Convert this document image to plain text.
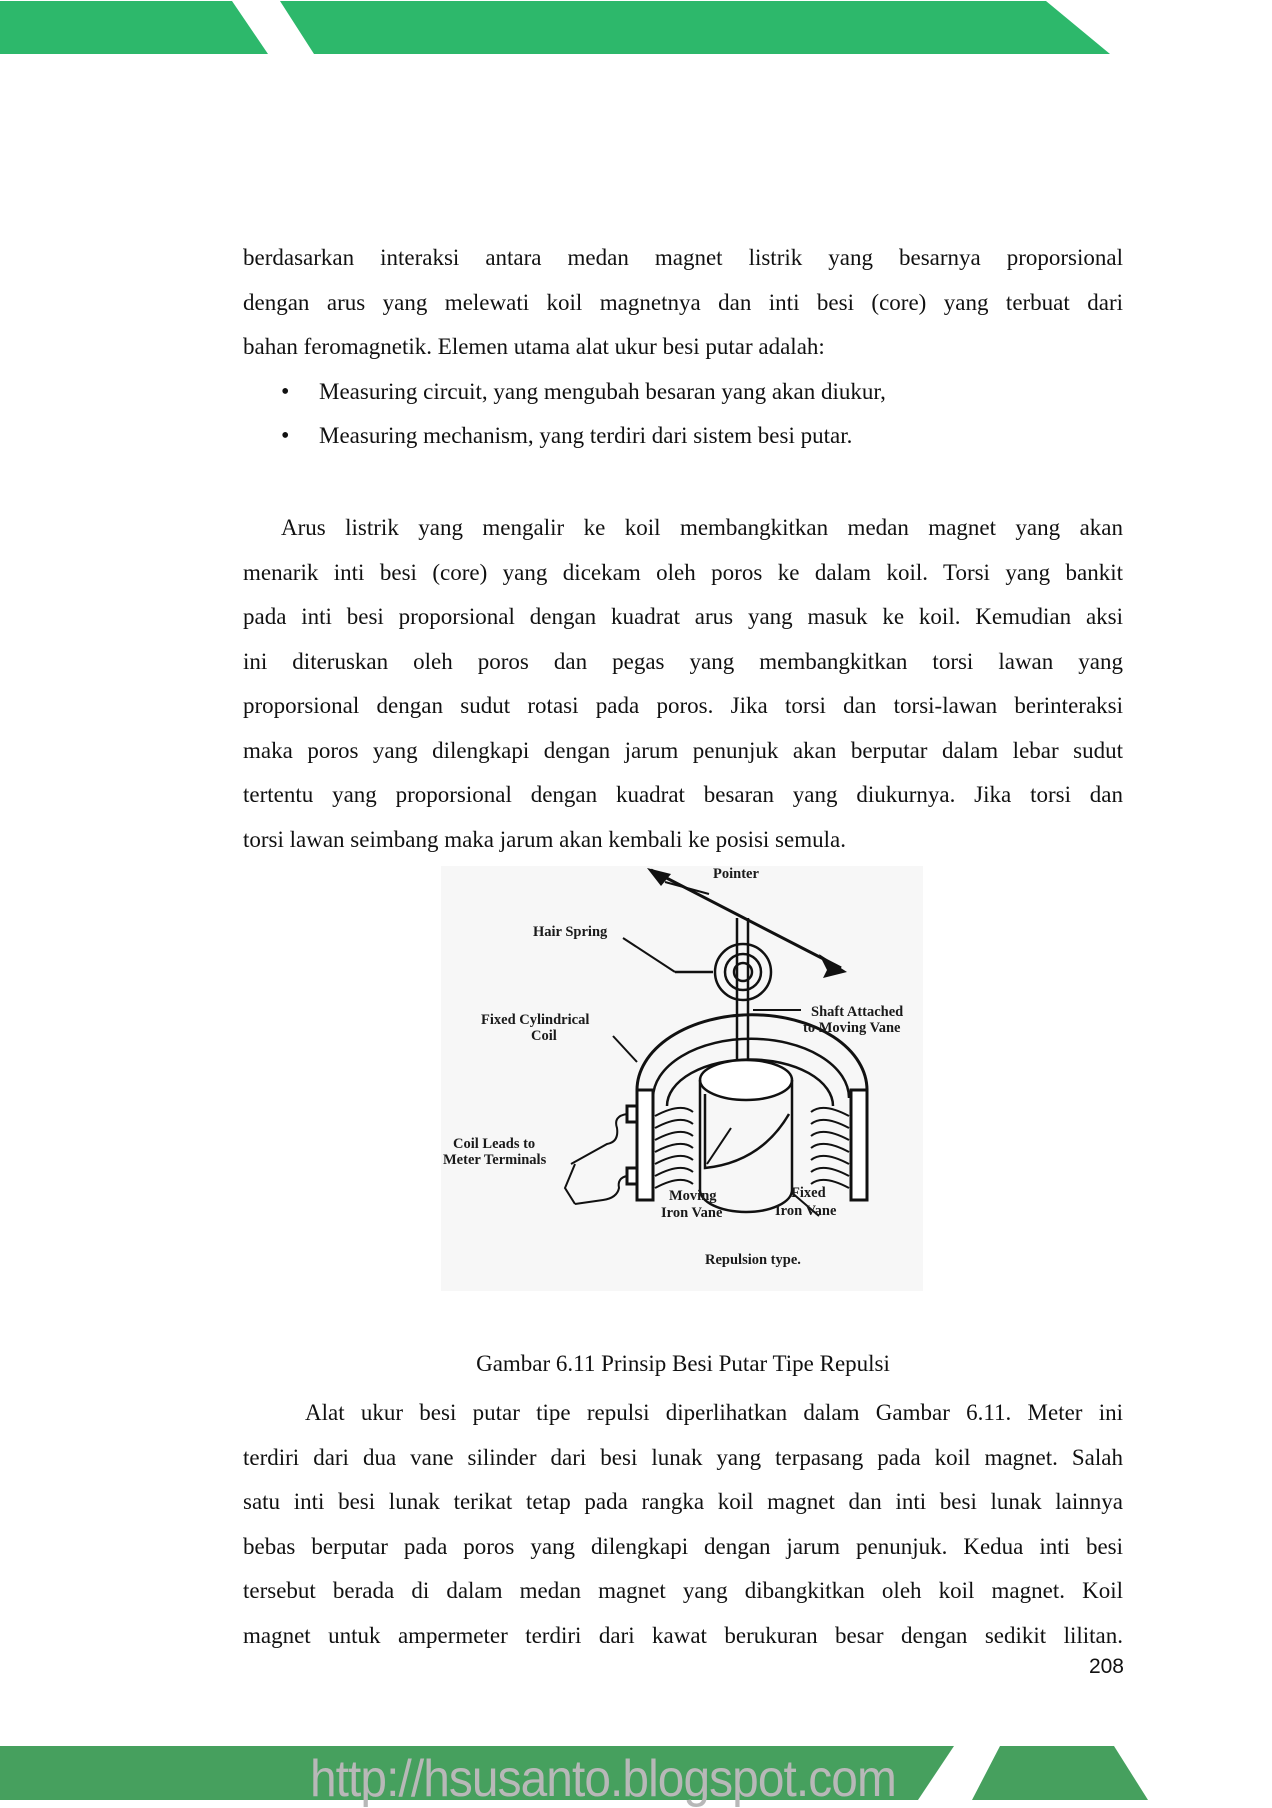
berdasarkan interaksi antara medan magnet listrik yang besarnya proporsional
dengan arus yang melewati koil magnetnya dan inti besi (core) yang terbuat dari
bahan feromagnetik. Elemen utama alat ukur besi putar adalah:

• Measuring circuit, yang mengubah besaran yang akan diukur,
• Measuring mechanism, yang terdiri dari sistem besi putar.

Arus listrik yang mengalir ke koil membangkitkan medan magnet yang akan
menarik inti besi (core) yang dicekam oleh poros ke dalam koil. Torsi yang bankit
pada inti besi proporsional dengan kuadrat arus yang masuk ke koil. Kemudian aksi
ini diteruskan oleh poros dan pegas yang membangkitkan torsi lawan yang
proporsional dengan sudut rotasi pada poros. Jika torsi dan torsi-lawan berinteraksi
maka poros yang dilengkapi dengan jarum penunjuk akan berputar dalam lebar sudut
tertentu yang proporsional dengan kuadrat besaran yang diukurnya. Jika torsi dan
torsi lawan seimbang maka jarum akan kembali ke posisi semula.

Pointer
Hair Spring
Shaft Attached
to Moving Vane
Fixed Cylindrical
Coil
Coil Leads to
Meter Terminals
Moving
Iron Vane
Fixed
Iron Vane
Repulsion type.
Gambar 6.11 Prinsip Besi Putar Tipe Repulsi

Alat ukur besi putar tipe repulsi diperlihatkan dalam Gambar 6.11. Meter ini
terdiri dari dua vane silinder dari besi lunak yang terpasang pada koil magnet. Salah
satu inti besi lunak terikat tetap pada rangka koil magnet dan inti besi lunak lainnya
bebas berputar pada poros yang dilengkapi dengan jarum penunjuk. Kedua inti besi
tersebut berada di dalam medan magnet yang dibangkitkan oleh koil magnet. Koil
magnet untuk ampermeter terdiri dari kawat berukuran besar dengan sedikit lilitan.

208
http://hsusanto.blogspot.com
